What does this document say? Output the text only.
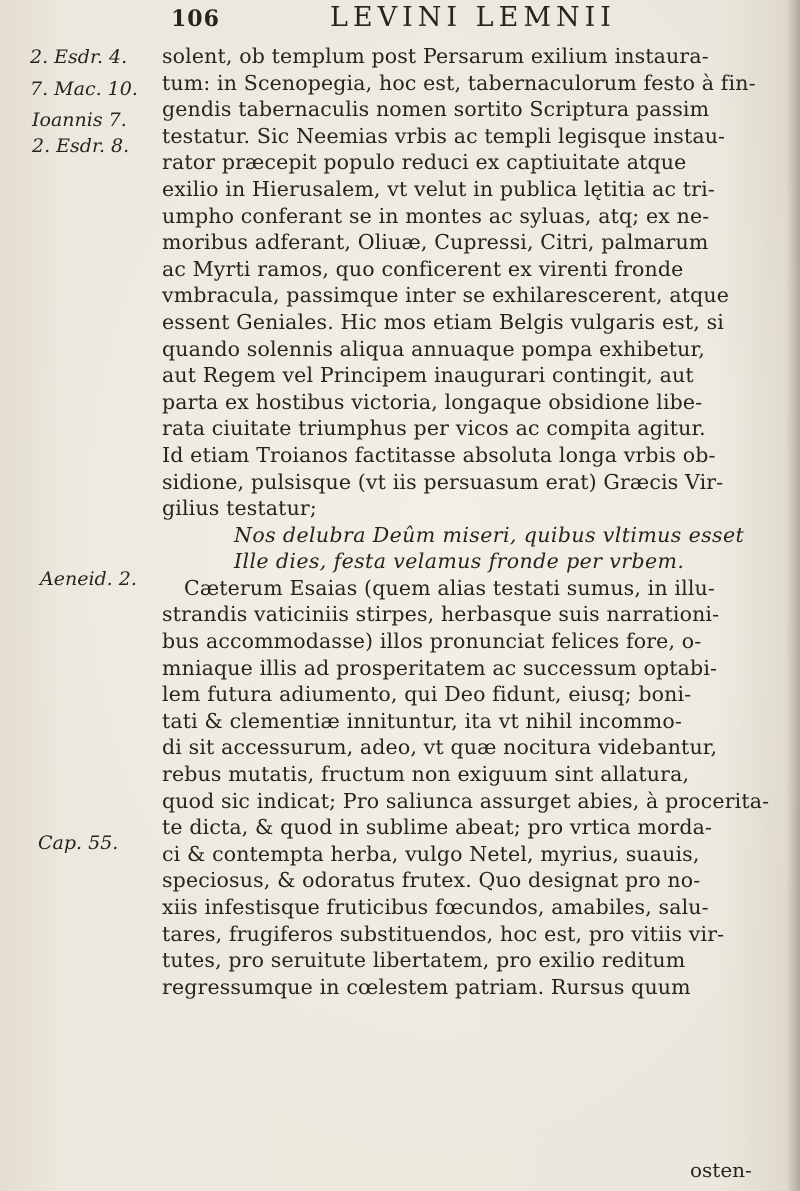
106	LEVINI LEMNII
2. Esdr. 4.
7. Mac. 10.
Ioannis 7.
2. Esdr. 8.
Aeneid. 2.
Cap. 55.
solent, ob templum post Persarum exilium instaura-
tum: in Scenopegia, hoc est, tabernaculorum festo à fin-
gendis tabernaculis nomen sortito Scriptura passim
testatur. Sic Neemias vrbis ac templi legisque instau-
rator præcepit populo reduci ex captiuitate atque
exilio in Hierusalem, vt velut in publica lętitia ac tri-
umpho conferant se in montes ac syluas, atq; ex ne-
moribus adferant, Oliuæ, Cupressi, Citri, palmarum
ac Myrti ramos, quo conficerent ex virenti fronde
vmbracula, passimque inter se exhilarescerent, atque
essent Geniales. Hic mos etiam Belgis vulgaris est, si
quando solennis aliqua annuaque pompa exhibetur,
aut Regem vel Principem inaugurari contingit, aut
parta ex hostibus victoria, longaque obsidione libe-
rata ciuitate triumphus per vicos ac compita agitur.
Id etiam Troianos factitasse absoluta longa vrbis ob-
sidione, pulsisque (vt iis persuasum erat) Græcis Vir-
gilius testatur;
Nos delubra Deûm miseri, quibus vltimus esset
Ille dies, festa velamus fronde per vrbem.
Cæterum Esaias (quem alias testati sumus, in illu-
strandis vaticiniis stirpes, herbasque suis narrationi-
bus accommodasse) illos pronunciat felices fore, o-
mniaque illis ad prosperitatem ac successum optabi-
lem futura adiumento, qui Deo fidunt, eiusq; boni-
tati & clementiæ innituntur, ita vt nihil incommo-
di sit accessurum, adeo, vt quæ nocitura videbantur,
rebus mutatis, fructum non exiguum sint allatura,
quod sic indicat; Pro saliunca assurget abies, à procerita-
te dicta, & quod in sublime abeat; pro vrtica morda-
ci & contempta herba, vulgo Netel, myrius, suauis,
speciosus, & odoratus frutex. Quo designat pro no-
xiis infestisque fruticibus fœcundos, amabiles, salu-
tares, frugiferos substituendos, hoc est, pro vitiis vir-
tutes, pro seruitute libertatem, pro exilio reditum
regressumque in cœlestem patriam. Rursus quum
osten-
